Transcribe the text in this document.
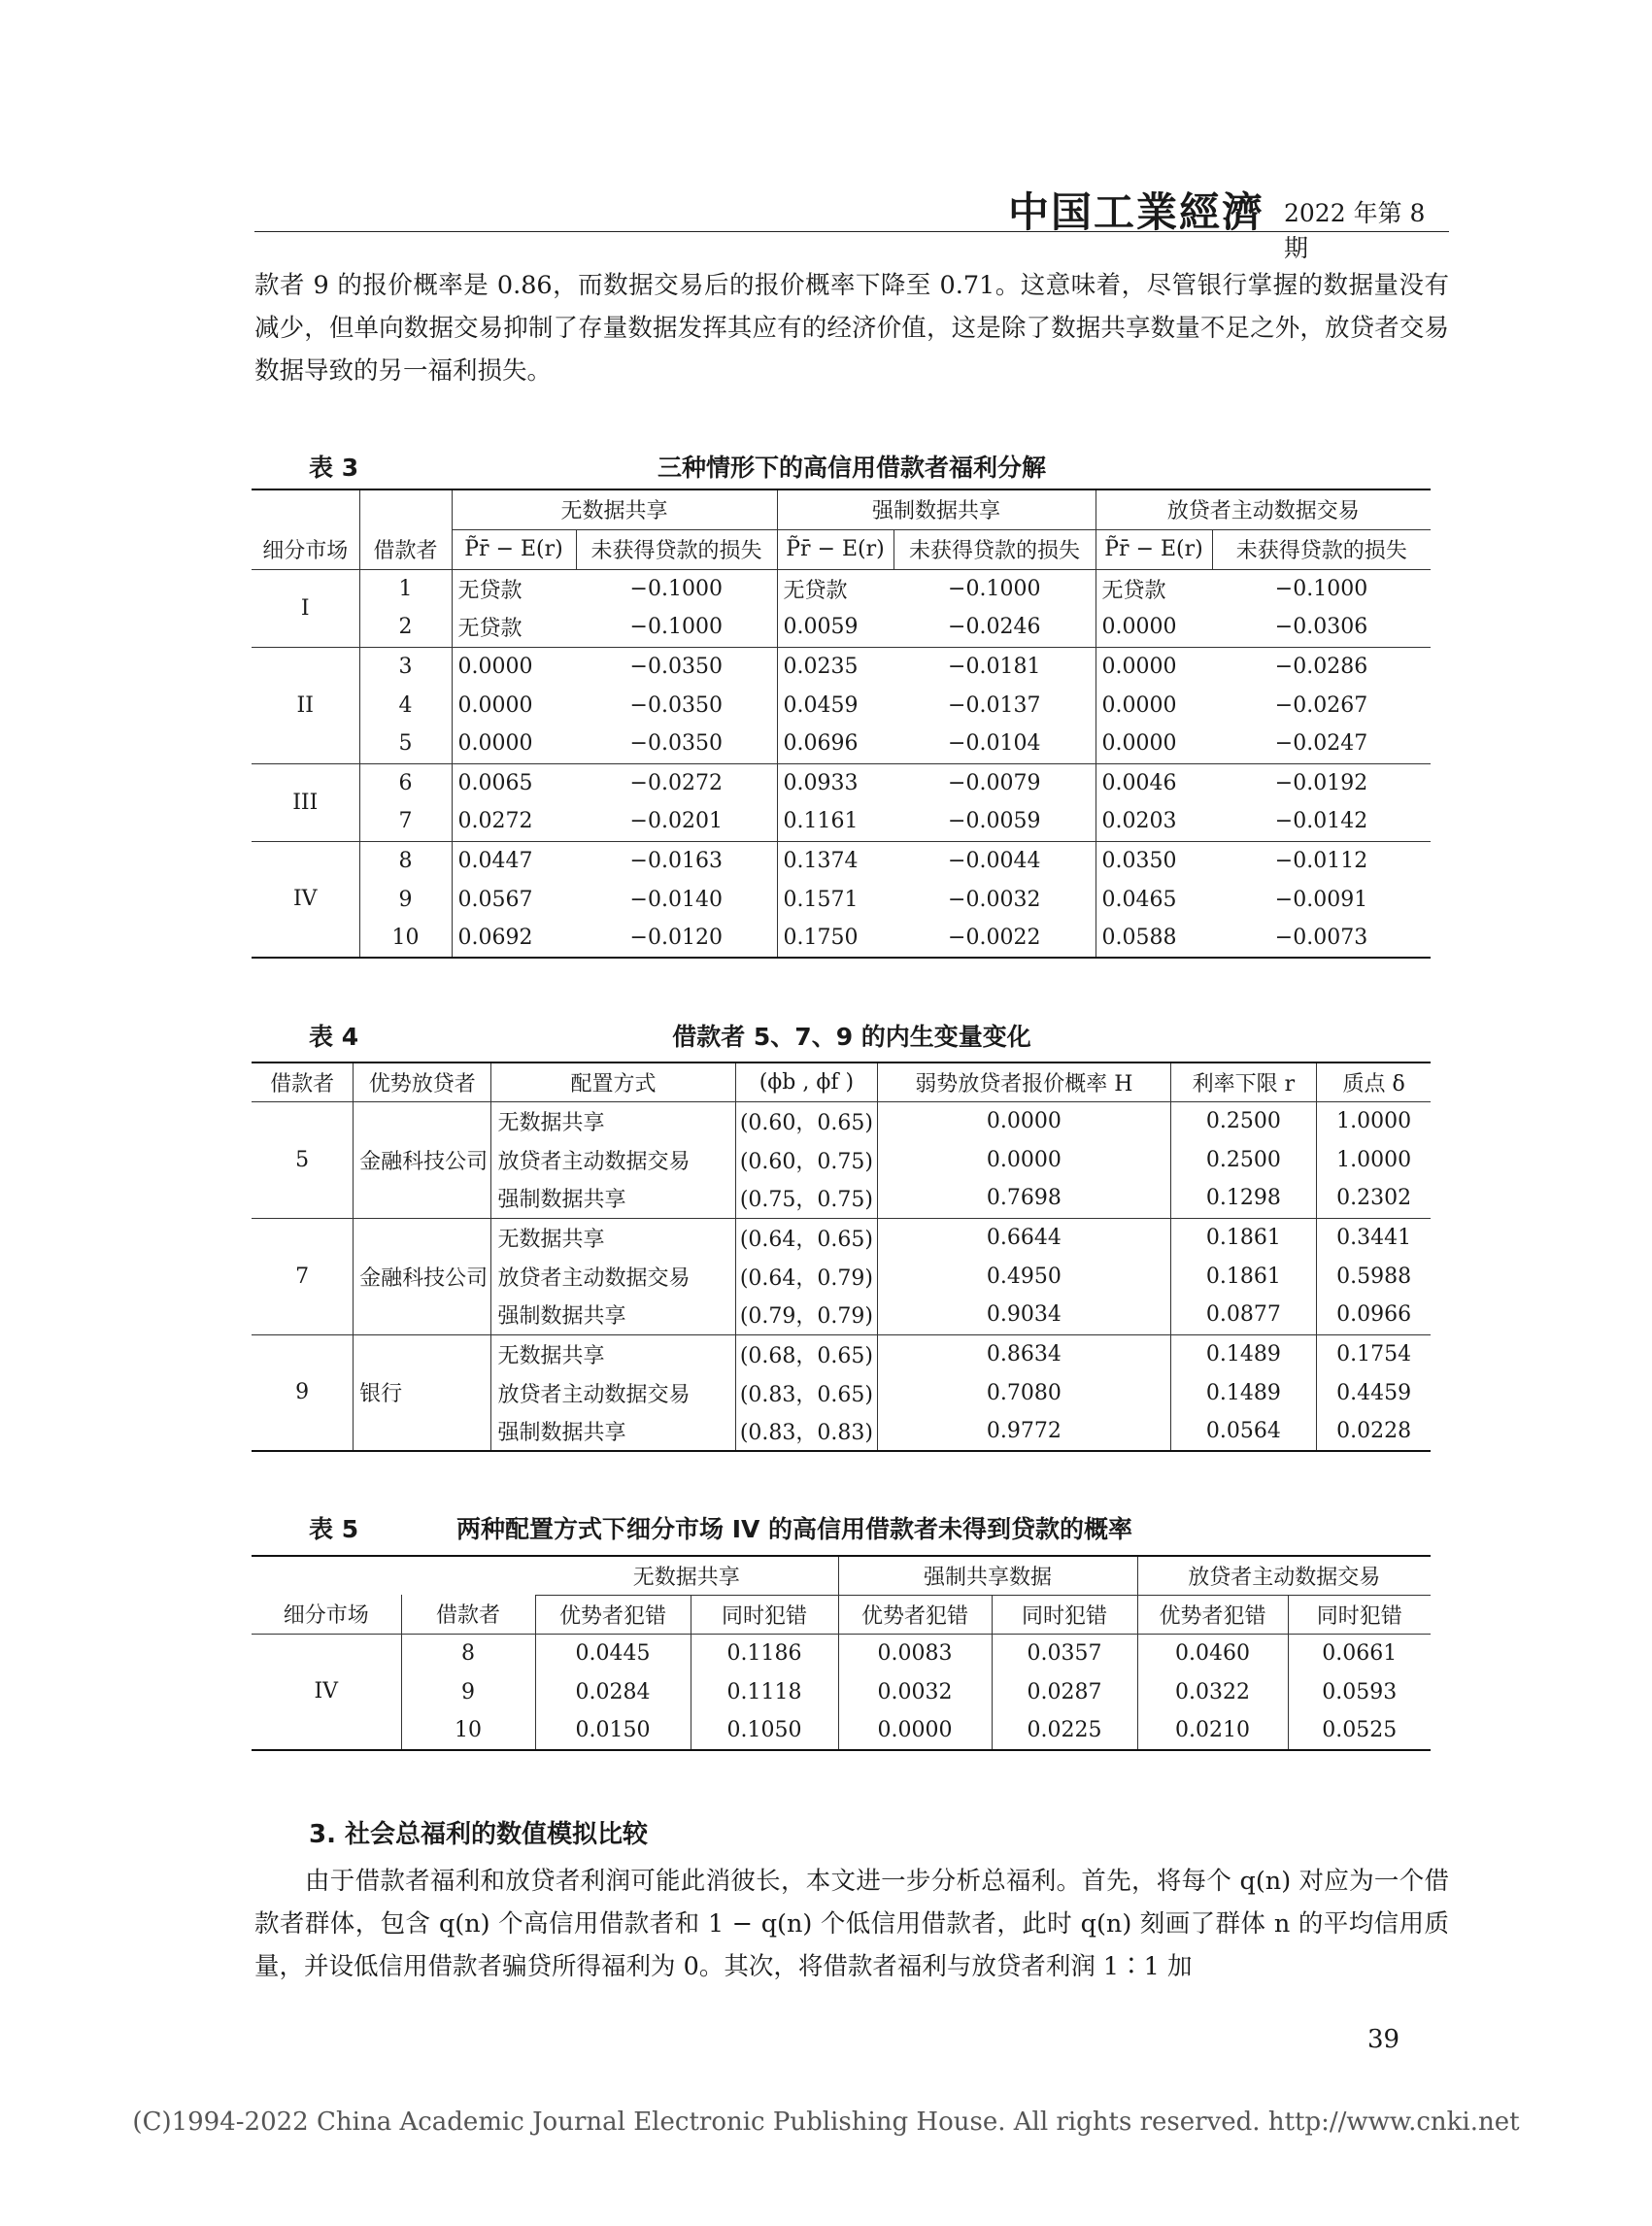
中国工業經濟 2022 年第 8 期
款者 9 的报价概率是 0.86，而数据交易后的报价概率下降至 0.71。这意味着，尽管银行掌握的数据量没有减少，但单向数据交易抑制了存量数据发挥其应有的经济价值，这是除了数据共享数量不足之外，放贷者交易数据导致的另一福利损失。
表 3	三种情形下的高信用借款者福利分解
		无数据共享		强制数据共享		放贷者主动数据交易	
细分市场	借款者	P̃r̄ − E(r)	未获得贷款的损失	P̃r̄ − E(r)	未获得贷款的损失	P̃r̄ − E(r)	未获得贷款的损失
I	1	无贷款	−0.1000	无贷款	−0.1000	无贷款	−0.1000
	2	无贷款	−0.1000	0.0059	−0.0246	0.0000	−0.0306
II	3	0.0000	−0.0350	0.0235	−0.0181	0.0000	−0.0286
	4	0.0000	−0.0350	0.0459	−0.0137	0.0000	−0.0267
	5	0.0000	−0.0350	0.0696	−0.0104	0.0000	−0.0247
III	6	0.0065	−0.0272	0.0933	−0.0079	0.0046	−0.0192
	7	0.0272	−0.0201	0.1161	−0.0059	0.0203	−0.0142
IV	8	0.0447	−0.0163	0.1374	−0.0044	0.0350	−0.0112
	9	0.0567	−0.0140	0.1571	−0.0032	0.0465	−0.0091
	10	0.0692	−0.0120	0.1750	−0.0022	0.0588	−0.0073
表 4	借款者 5、7、9 的内生变量变化
借款者	优势放贷者	配置方式	(ϕb , ϕf )	弱势放贷者报价概率 H	利率下限 r	质点 δ
5	金融科技公司	无数据共享	(0.60，0.65)	0.0000	0.2500	1.0000
		放贷者主动数据交易	(0.60，0.75)	0.0000	0.2500	1.0000
		强制数据共享	(0.75，0.75)	0.7698	0.1298	0.2302
7	金融科技公司	无数据共享	(0.64，0.65)	0.6644	0.1861	0.3441
		放贷者主动数据交易	(0.64，0.79)	0.4950	0.1861	0.5988
		强制数据共享	(0.79，0.79)	0.9034	0.0877	0.0966
9	银行	无数据共享	(0.68，0.65)	0.8634	0.1489	0.1754
		放贷者主动数据交易	(0.83，0.65)	0.7080	0.1489	0.4459
		强制数据共享	(0.83，0.83)	0.9772	0.0564	0.0228
表 5	两种配置方式下细分市场 IV 的高信用借款者未得到贷款的概率
		无数据共享		强制共享数据		放贷者主动数据交易	
细分市场	借款者	优势者犯错	同时犯错	优势者犯错	同时犯错	优势者犯错	同时犯错
IV	8	0.0445	0.1186	0.0083	0.0357	0.0460	0.0661
	9	0.0284	0.1118	0.0032	0.0287	0.0322	0.0593
	10	0.0150	0.1050	0.0000	0.0225	0.0210	0.0525
3. 社会总福利的数值模拟比较
由于借款者福利和放贷者利润可能此消彼长，本文进一步分析总福利。首先，将每个 q(n) 对应为一个借款者群体，包含 q(n) 个高信用借款者和 1 − q(n) 个低信用借款者，此时 q(n) 刻画了群体 n 的平均信用质量，并设低信用借款者骗贷所得福利为 0。其次，将借款者福利与放贷者利润 1∶1 加
39
(C)1994-2022 China Academic Journal Electronic Publishing House. All rights reserved. http://www.cnki.net
